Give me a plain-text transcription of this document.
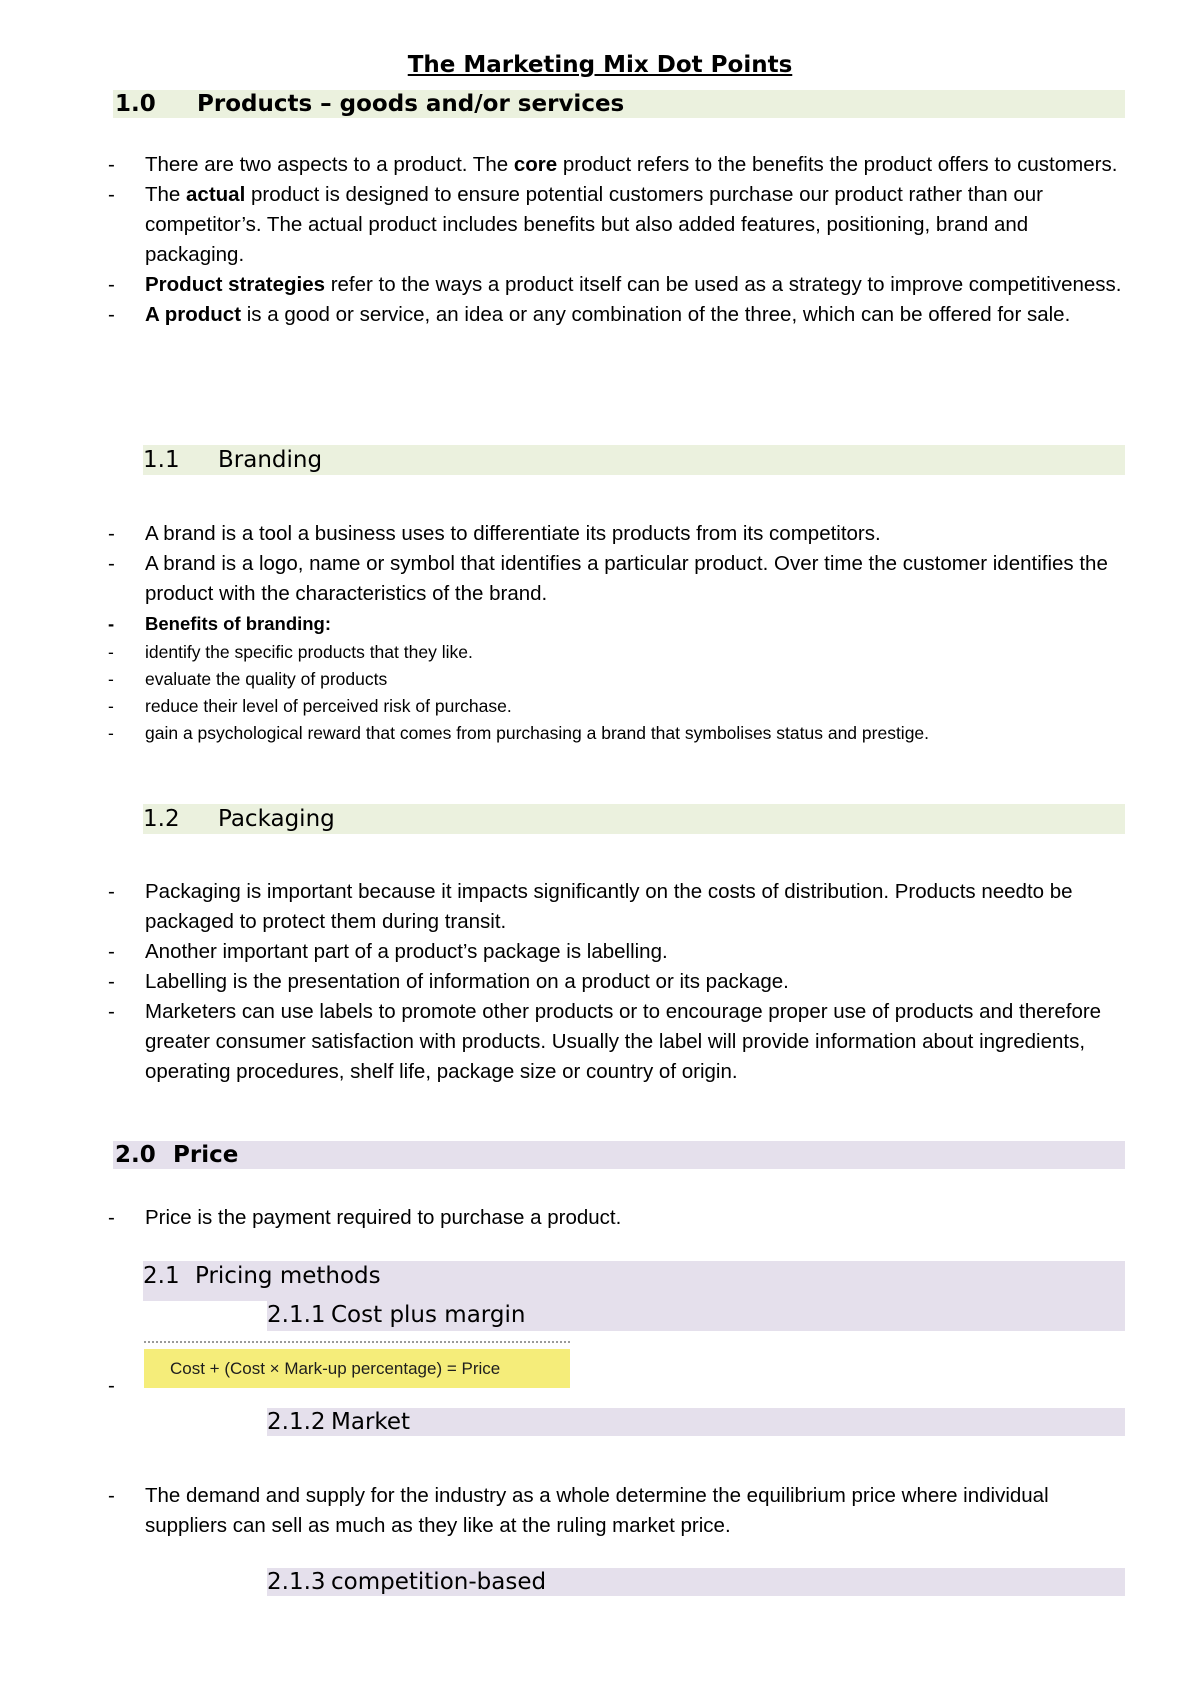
The Marketing Mix Dot Points
1.0 Products – goods and/or services
- There are two aspects to a product. The core product refers to the benefits the product offers to customers.
- The actual product is designed to ensure potential customers purchase our product rather than our competitor’s. The actual product includes benefits but also added features, positioning, brand and packaging.
- Product strategies refer to the ways a product itself can be used as a strategy to improve competitiveness.
- A product is a good or service, an idea or any combination of the three, which can be offered for sale.
1.1 Branding
- A brand is a tool a business uses to differentiate its products from its competitors.
- A brand is a logo, name or symbol that identifies a particular product. Over time the customer identifies the product with the characteristics of the brand.
- Benefits of branding:
- identify the specific products that they like.
- evaluate the quality of products
- reduce their level of perceived risk of purchase.
- gain a psychological reward that comes from purchasing a brand that symbolises status and prestige.
1.2 Packaging
- Packaging is important because it impacts significantly on the costs of distribution. Products needto be packaged to protect them during transit.
- Another important part of a product’s package is labelling.
- Labelling is the presentation of information on a product or its package.
- Marketers can use labels to promote other products or to encourage proper use of products and therefore greater consumer satisfaction with products. Usually the label will provide information about ingredients, operating procedures, shelf life, package size or country of origin.
2.0 Price
- Price is the payment required to purchase a product.
2.1 Pricing methods
2.1.1 Cost plus margin
Cost + (Cost × Mark-up percentage) = Price
-
2.1.2 Market
- The demand and supply for the industry as a whole determine the equilibrium price where individual suppliers can sell as much as they like at the ruling market price.
2.1.3 competition-based
